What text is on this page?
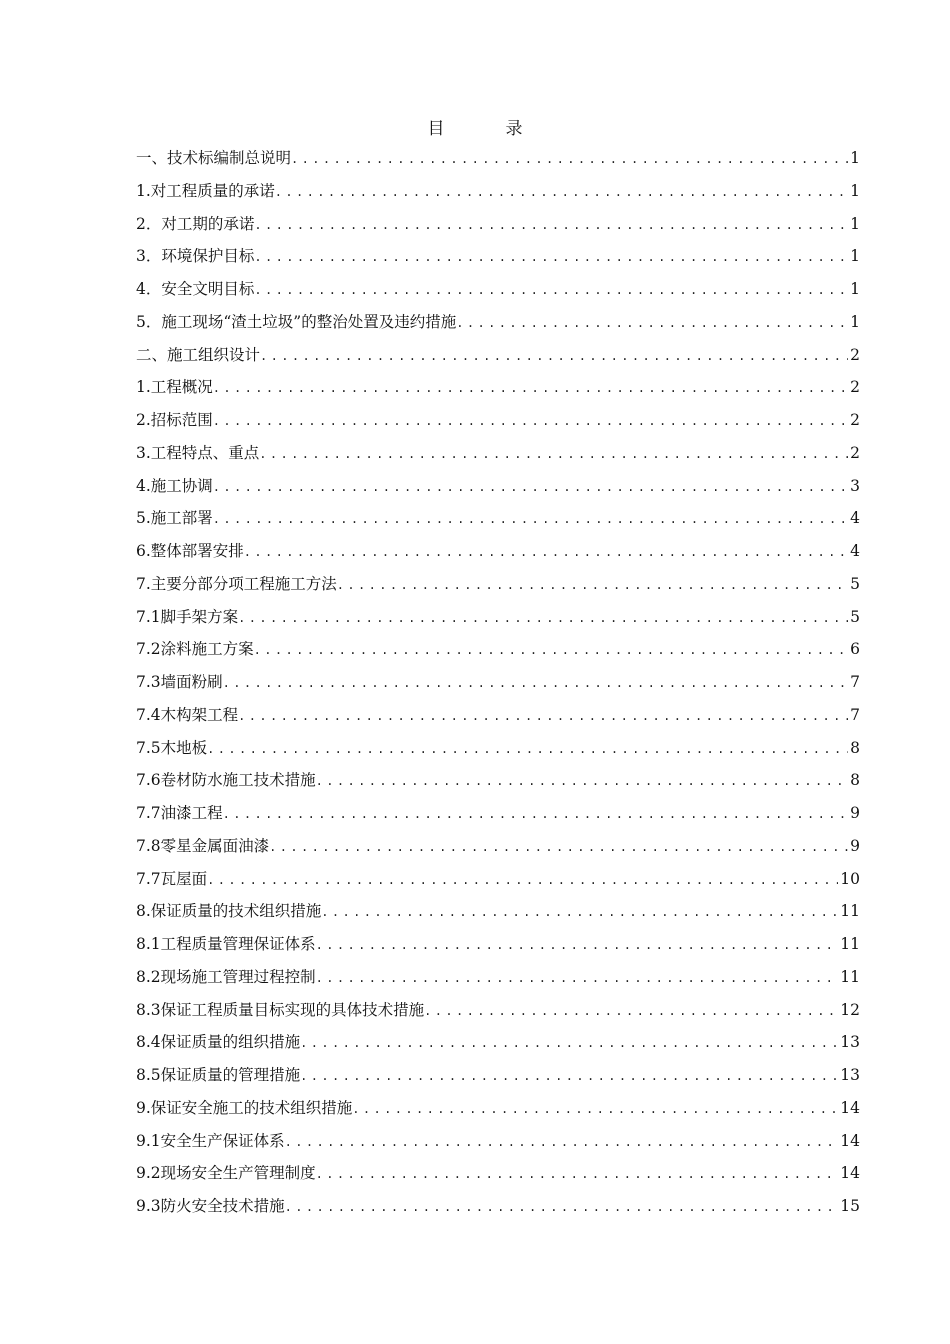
目　录
一、技术标编制总说明 .....	1
1.对工程质量的承诺 .....	1
2．对工期的承诺 .....	1
3．环境保护目标 .....	1
4．安全文明目标 .....	1
5．施工现场“渣土垃圾”的整治处置及违约措施 .....	1
二、施工组织设计 .....	2
1.工程概况 .....	2
2.招标范围 .....	2
3.工程特点、重点 .....	2
4.施工协调 .....	3
5.施工部署 .....	4
6.整体部署安排 .....	4
7.主要分部分项工程施工方法 .....	5
7.1脚手架方案 .....	5
7.2涂料施工方案 .....	6
7.3墙面粉刷 .....	7
7.4木构架工程 .....	7
7.5木地板 .....	8
7.6卷材防水施工技术措施 .....	8
7.7油漆工程 .....	9
7.8零星金属面油漆 .....	9
7.7瓦屋面 .....	10
8.保证质量的技术组织措施 .....	11
8.1工程质量管理保证体系 .....	11
8.2现场施工管理过程控制 .....	11
8.3保证工程质量目标实现的具体技术措施 .....	12
8.4保证质量的组织措施 .....	13
8.5保证质量的管理措施 .....	13
9.保证安全施工的技术组织措施 .....	14
9.1安全生产保证体系 .....	14
9.2现场安全生产管理制度 .....	14
9.3防火安全技术措施 .....	15
